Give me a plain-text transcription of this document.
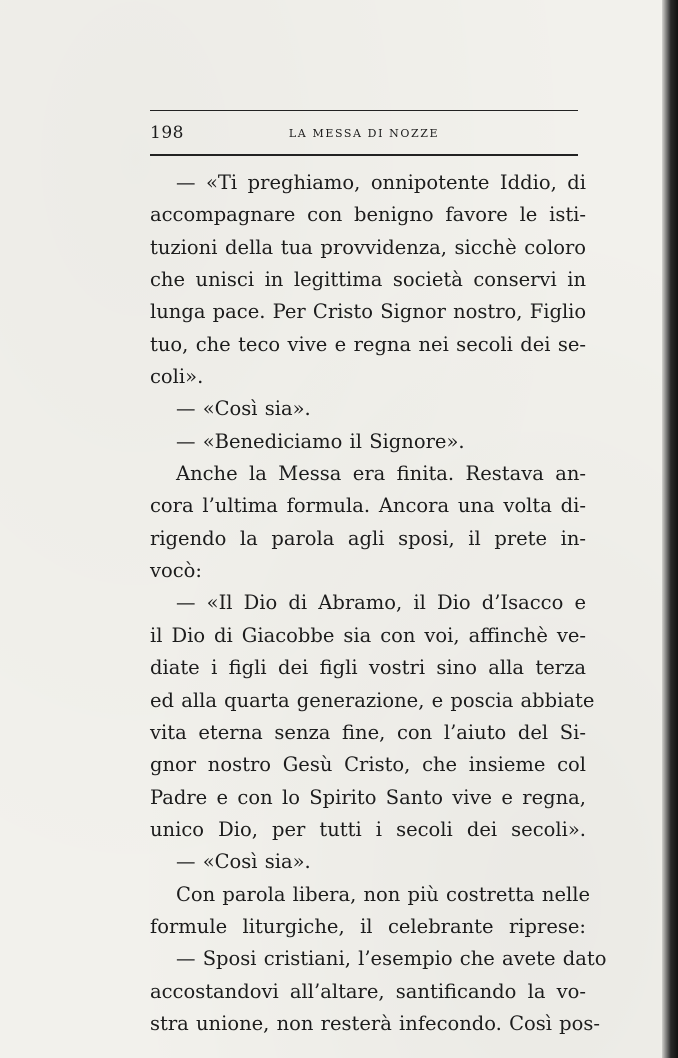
198	LA MESSA DI NOZZE
— «Ti preghiamo, onnipotente Iddio, di
accompagnare con benigno favore le isti-
tuzioni della tua provvidenza, sicchè coloro
che unisci in legittima società conservi in
lunga pace. Per Cristo Signor nostro, Figlio
tuo, che teco vive e regna nei secoli dei se-
coli».
— «Così sia».
— «Benediciamo il Signore».
Anche la Messa era finita. Restava an-
cora l’ultima formula. Ancora una volta di-
rigendo la parola agli sposi, il prete in-
vocò:
— «Il Dio di Abramo, il Dio d’Isacco e
il Dio di Giacobbe sia con voi, affinchè ve-
diate i figli dei figli vostri sino alla terza
ed alla quarta generazione, e poscia abbiate
vita eterna senza fine, con l’aiuto del Si-
gnor nostro Gesù Cristo, che insieme col
Padre e con lo Spirito Santo vive e regna,
unico Dio, per tutti i secoli dei secoli».
— «Così sia».
Con parola libera, non più costretta nelle
formule liturgiche, il celebrante riprese:
— Sposi cristiani, l’esempio che avete dato
accostandovi all’altare, santificando la vo-
stra unione, non resterà infecondo. Così pos-
